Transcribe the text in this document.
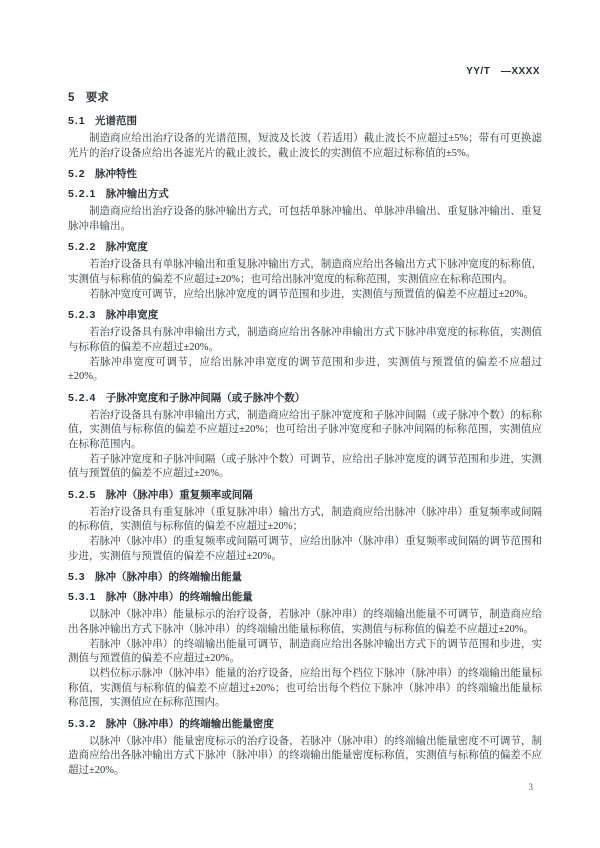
YY/T　—XXXX
5 要求
5.1 光谱范围

制造商应给出治疗设备的光谱范围，短波及长波（若适用）截止波长不应超过±5%；带有可更换滤光片的治疗设备应给出各滤光片的截止波长，截止波长的实测值不应超过标称值的±5%。

5.2 脉冲特性
5.2.1 脉冲输出方式

制造商应给出治疗设备的脉冲输出方式，可包括单脉冲输出、单脉冲串输出、重复脉冲输出、重复脉冲串输出。

5.2.2 脉冲宽度

若治疗设备具有单脉冲输出和重复脉冲输出方式，制造商应给出各输出方式下脉冲宽度的标称值，实测值与标称值的偏差不应超过±20%；也可给出脉冲宽度的标称范围，实测值应在标称范围内。

若脉冲宽度可调节，应给出脉冲宽度的调节范围和步进，实测值与预置值的偏差不应超过±20%。

5.2.3 脉冲串宽度

若治疗设备具有脉冲串输出方式，制造商应给出各脉冲串输出方式下脉冲串宽度的标称值，实测值与标称值的偏差不应超过±20%。

若脉冲串宽度可调节，应给出脉冲串宽度的调节范围和步进，实测值与预置值的偏差不应超过±20%。

5.2.4 子脉冲宽度和子脉冲间隔（或子脉冲个数）

若治疗设备具有脉冲串输出方式，制造商应给出子脉冲宽度和子脉冲间隔（或子脉冲个数）的标称值，实测值与标称值的偏差不应超过±20%；也可给出子脉冲宽度和子脉冲间隔的标称范围，实测值应在标称范围内。

若子脉冲宽度和子脉冲间隔（或子脉冲个数）可调节，应给出子脉冲宽度的调节范围和步进，实测值与预置值的偏差不应超过±20%。

5.2.5 脉冲（脉冲串）重复频率或间隔

若治疗设备具有重复脉冲（重复脉冲串）输出方式，制造商应给出脉冲（脉冲串）重复频率或间隔的标称值，实测值与标称值的偏差不应超过±20%；

若脉冲（脉冲串）的重复频率或间隔可调节，应给出脉冲（脉冲串）重复频率或间隔的调节范围和步进，实测值与预置值的偏差不应超过±20%。

5.3 脉冲（脉冲串）的终端输出能量
5.3.1 脉冲（脉冲串）的终端输出能量

以脉冲（脉冲串）能量标示的治疗设备，若脉冲（脉冲串）的终端输出能量不可调节，制造商应给出各脉冲输出方式下脉冲（脉冲串）的终端输出能量标称值，实测值与标称值的偏差不应超过±20%。

若脉冲（脉冲串）的终端输出能量可调节，制造商应给出各脉冲输出方式下的调节范围和步进，实测值与预置值的偏差不应超过±20%。

以档位标示脉冲（脉冲串）能量的治疗设备，应给出每个档位下脉冲（脉冲串）的终端输出能量标称值，实测值与标称值的偏差不应超过±20%；也可给出每个档位下脉冲（脉冲串）的终端输出能量标称范围，实测值应在标称范围内。

5.3.2 脉冲（脉冲串）的终端输出能量密度

以脉冲（脉冲串）能量密度标示的治疗设备，若脉冲（脉冲串）的终端输出能量密度不可调节，制造商应给出各脉冲输出方式下脉冲（脉冲串）的终端输出能量密度标称值，实测值与标称值的偏差不应超过±20%。

3
